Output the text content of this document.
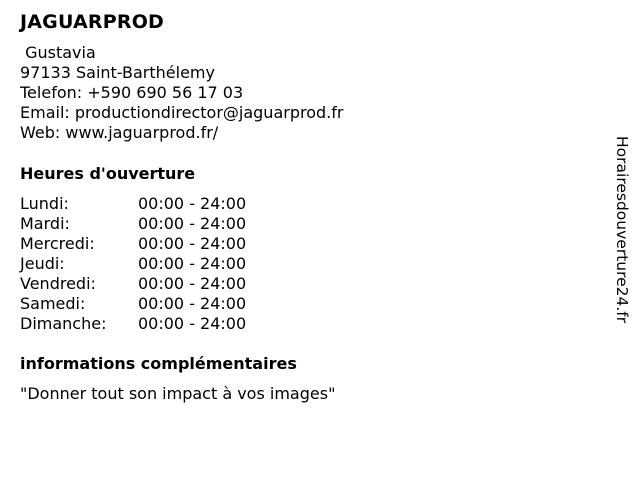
JAGUARPROD
Gustavia
97133 Saint-Barthélemy
Telefon: +590 690 56 17 03
Email: productiondirector@jaguarprod.fr
Web: www.jaguarprod.fr/
Heures d'ouverture
Lundi:	00:00 - 24:00
Mardi:	00:00 - 24:00
Mercredi:	00:00 - 24:00
Jeudi:	00:00 - 24:00
Vendredi:	00:00 - 24:00
Samedi:	00:00 - 24:00
Dimanche: 00:00 - 24:00
informations complémentaires
"Donner tout son impact à vos images"
Horairesdouverture24.fr
